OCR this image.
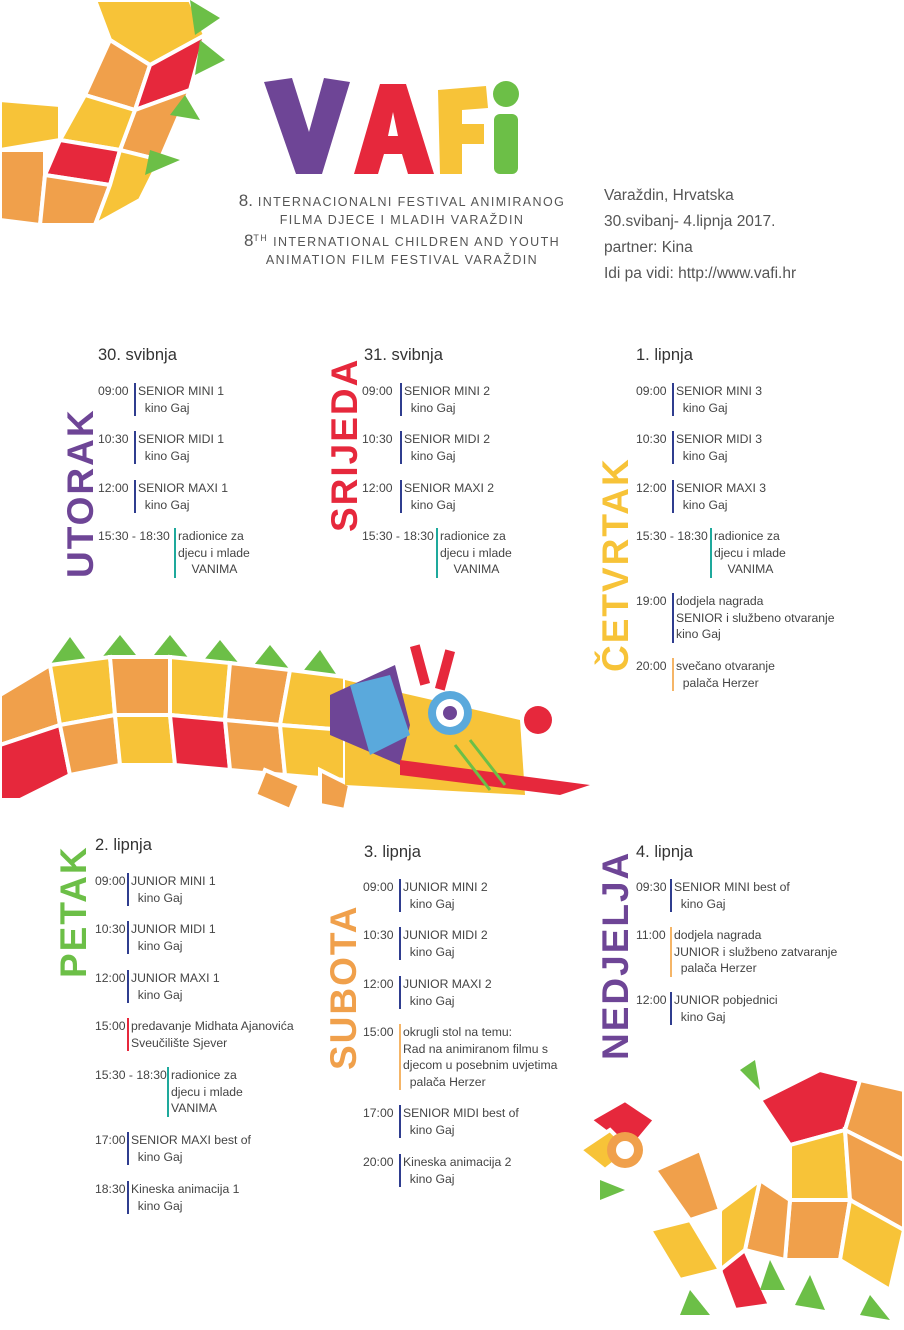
8. INTERNACIONALNI FESTIVAL ANIMIRANOG
FILMA DJECE I MLADIH VARAŽDIN
8TH INTERNATIONAL CHILDREN AND YOUTH
ANIMATION FILM FESTIVAL VARAŽDIN
Varaždin, Hrvatska
30.svibanj- 4.lipnja 2017.
partner: Kina
Idi pa vidi: http://www.vafi.hr
UTORAK
30. svibnja
09:00 SENIOR MINI 1
kino Gaj
10:30 SENIOR MIDI 1
kino Gaj
12:00 SENIOR MAXI 1
kino Gaj
15:30 - 18:30 radionice za
djecu i mlade
VANIMA
SRIJEDA
31. svibnja
09:00 SENIOR MINI 2
kino Gaj
10:30 SENIOR MIDI 2
kino Gaj
12:00 SENIOR MAXI 2
kino Gaj
15:30 - 18:30 radionice za
djecu i mlade
VANIMA	ČETVRTAK
1. lipnja
09:00 SENIOR MINI 3
kino Gaj
10:30 SENIOR MIDI 3
kino Gaj
12:00 SENIOR MAXI 3
kino Gaj
15:30 - 18:30 radionice za
djecu i mlade
VANIMA
19:00 dodjela nagrada
SENIOR i službeno otvaranje
kino Gaj
20:00 svečano otvaranje
palača Herzer
PETAK
2. lipnja
09:00 JUNIOR MINI 1
kino Gaj
10:30 JUNIOR MIDI 1
kino Gaj
12:00 JUNIOR MAXI 1
kino Gaj
15:00 predavanje Midhata Ajanovića
Sveučilište Sjever
15:30 - 18:30 radionice za
djecu i mlade
VANIMA
17:00 SENIOR MAXI best of
kino Gaj
18:30 Kineska animacija 1
kino Gaj
SUBOTA
3. lipnja
09:00 JUNIOR MINI 2
kino Gaj
10:30 JUNIOR MIDI 2
kino Gaj
12:00 JUNIOR MAXI 2
kino Gaj
15:00 okrugli stol na temu:
Rad na animiranom filmu s
djecom u posebnim uvjetima
palača Herzer
17:00 SENIOR MIDI best of
kino Gaj
20:00 Kineska animacija 2
kino Gaj
NEDJELJA 4. lipnja
09:30 SENIOR MINI best of
kino Gaj
11:00 dodjela nagrada
JUNIOR i službeno zatvaranje
palača Herzer
12:00 JUNIOR pobjednici
kino Gaj
